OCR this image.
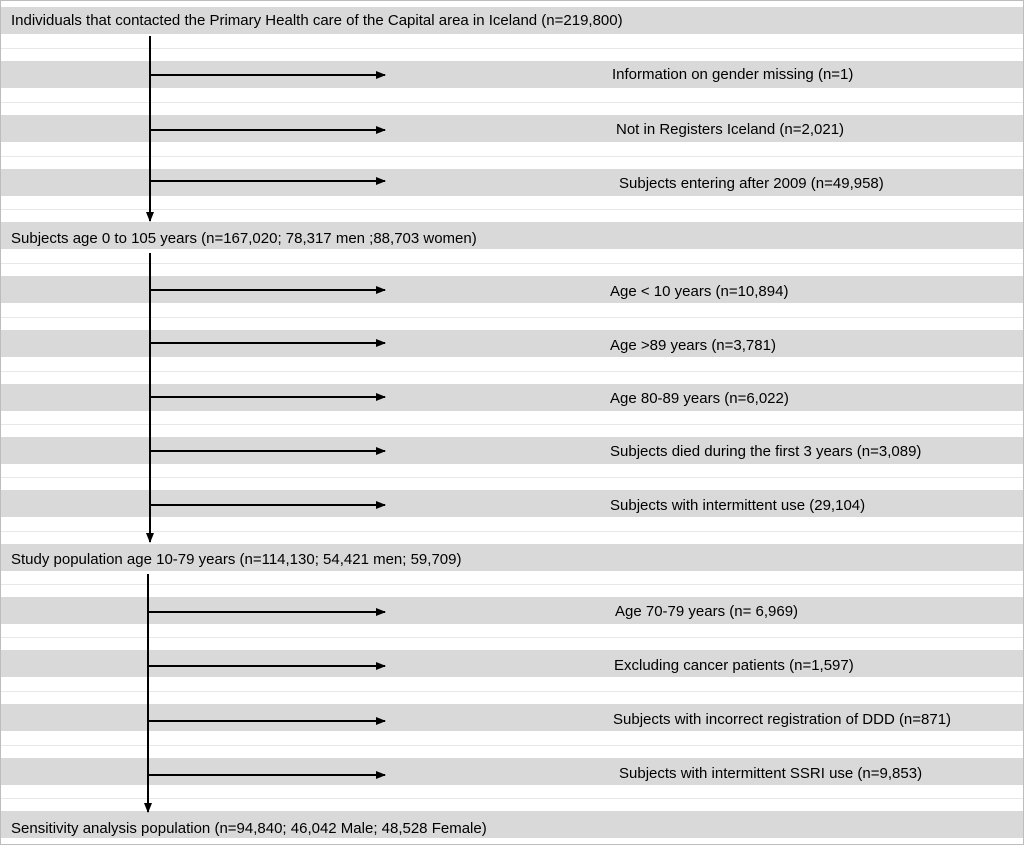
Individuals that contacted the Primary Health care of the Capital area in Iceland (n=219,800)
Subjects age 0 to 105 years (n=167,020; 78,317 men ;88,703 women)
Study population age 10-79 years (n=114,130; 54,421 men; 59,709)
Sensitivity analysis population (n=94,840; 46,042 Male; 48,528 Female)
Information on gender missing (n=1)
Not in Registers Iceland (n=2,021)
Subjects entering after 2009 (n=49,958)
Age < 10 years (n=10,894)
Age >89 years (n=3,781)
Age 80-89 years (n=6,022)
Subjects died during the first 3 years (n=3,089)
Subjects with intermittent use (29,104)
Age 70-79 years (n= 6,969)
Excluding cancer patients (n=1,597)
Subjects with incorrect registration of DDD (n=871)
Subjects with intermittent SSRI use (n=9,853)
